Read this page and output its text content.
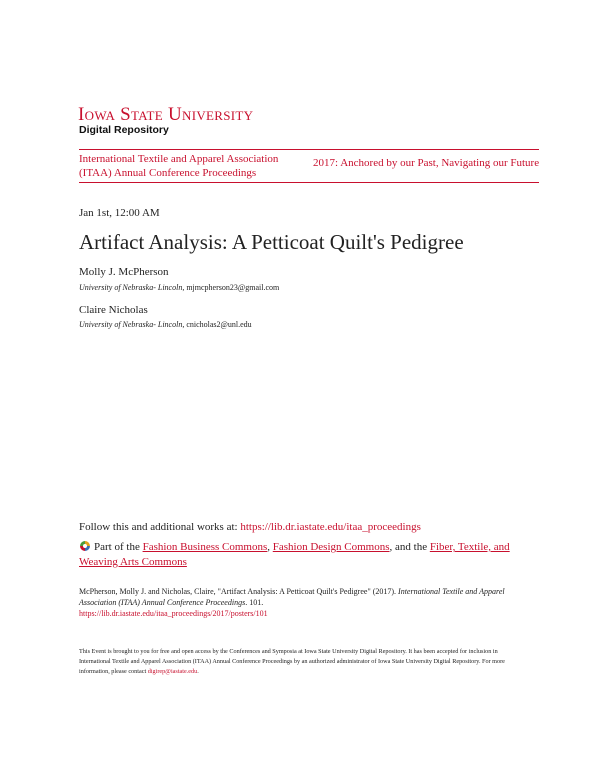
Iowa State University
Digital Repository
International Textile and Apparel Association (ITAA) Annual Conference Proceedings
2017: Anchored by our Past, Navigating our Future
Jan 1st, 12:00 AM
Artifact Analysis: A Petticoat Quilt's Pedigree
Molly J. McPherson
University of Nebraska- Lincoln, mjmcpherson23@gmail.com
Claire Nicholas
University of Nebraska- Lincoln, cnicholas2@unl.edu
Follow this and additional works at: https://lib.dr.iastate.edu/itaa_proceedings
Part of the Fashion Business Commons, Fashion Design Commons, and the Fiber, Textile, and Weaving Arts Commons
McPherson, Molly J. and Nicholas, Claire, "Artifact Analysis: A Petticoat Quilt's Pedigree" (2017). International Textile and Apparel Association (ITAA) Annual Conference Proceedings. 101.
https://lib.dr.iastate.edu/itaa_proceedings/2017/posters/101
This Event is brought to you for free and open access by the Conferences and Symposia at Iowa State University Digital Repository. It has been accepted for inclusion in International Textile and Apparel Association (ITAA) Annual Conference Proceedings by an authorized administrator of Iowa State University Digital Repository. For more information, please contact digirep@iastate.edu.
